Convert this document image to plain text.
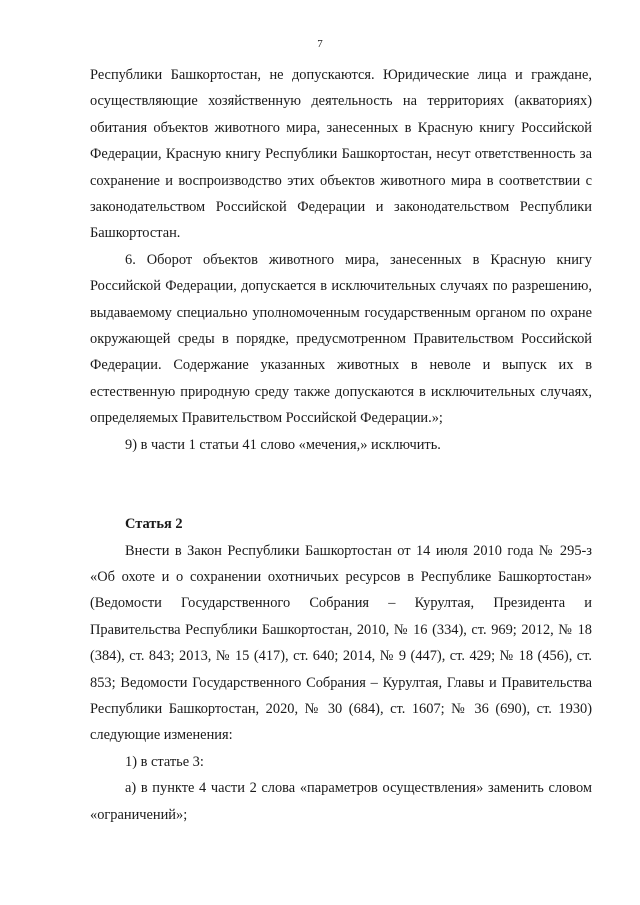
7

Республики Башкортостан, не допускаются. Юридические лица и граждане, осуществляющие хозяйственную деятельность на территориях (акваториях) обитания объектов животного мира, занесенных в Красную книгу Российской Федерации, Красную книгу Республики Башкортостан, несут ответственность за сохранение и воспроизводство этих объектов животного мира в соответствии с законодательством Российской Федерации и законодательством Республики Башкортостан.

6. Оборот объектов животного мира, занесенных в Красную книгу Российской Федерации, допускается в исключительных случаях по разрешению, выдаваемому специально уполномоченным государственным органом по охране окружающей среды в порядке, предусмотренном Правительством Российской Федерации. Содержание указанных животных в неволе и выпуск их в естественную природную среду также допускаются в исключительных случаях, определяемых Правительством Российской Федерации.»;

9) в части 1 статьи 41 слово «мечения,» исключить.

Статья 2

Внести в Закон Республики Башкортостан от 14 июля 2010 года № 295-з «Об охоте и о сохранении охотничьих ресурсов в Республике Башкортостан» (Ведомости Государственного Собрания – Курултая, Президента и Правительства Республики Башкортостан, 2010, № 16 (334), ст. 969; 2012, № 18 (384), ст. 843; 2013, № 15 (417), ст. 640; 2014, № 9 (447), ст. 429; № 18 (456), ст. 853; Ведомости Государственного Собрания – Курултая, Главы и Правительства Республики Башкортостан, 2020, № 30 (684), ст. 1607; № 36 (690), ст. 1930) следующие изменения:

1) в статье 3:

а) в пункте 4 части 2 слова «параметров осуществления» заменить словом «ограничений»;
